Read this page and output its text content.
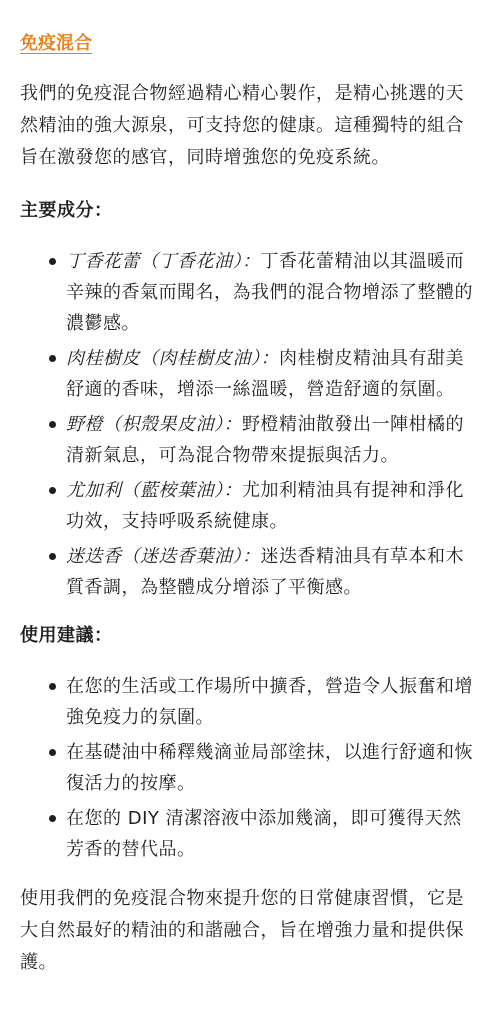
免疫混合

我們的免疫混合物經過精心精心製作，是精心挑選的天然精油的強大源泉，可支持您的健康。這種獨特的組合旨在激發您的感官，同時增強您的免疫系統。

主要成分：
丁香花蕾（丁香花油）：丁香花蕾精油以其溫暖而辛辣的香氣而聞名，為我們的混合物增添了整體的濃鬱感。
肉桂樹皮（肉桂樹皮油）：肉桂樹皮精油具有甜美舒適的香味，增添一絲溫暖，營造舒適的氛圍。
野橙（枳殼果皮油）：野橙精油散發出一陣柑橘的清新氣息，可為混合物帶來提振與活力。
尤加利（藍桉葉油）：尤加利精油具有提神和淨化功效，支持呼吸系統健康。
迷迭香（迷迭香葉油）：迷迭香精油具有草本和木質香調，為整體成分增添了平衡感。
使用建議：
在您的生活或工作場所中擴香，營造令人振奮和增強免疫力的氛圍。
在基礎油中稀釋幾滴並局部塗抹，以進行舒適和恢復活力的按摩。
在您的 DIY 清潔溶液中添加幾滴，即可獲得天然芳香的替代品。

使用我們的免疫混合物來提升您的日常健康習慣，它是大自然最好的精油的和諧融合，旨在增強力量和提供保護。
